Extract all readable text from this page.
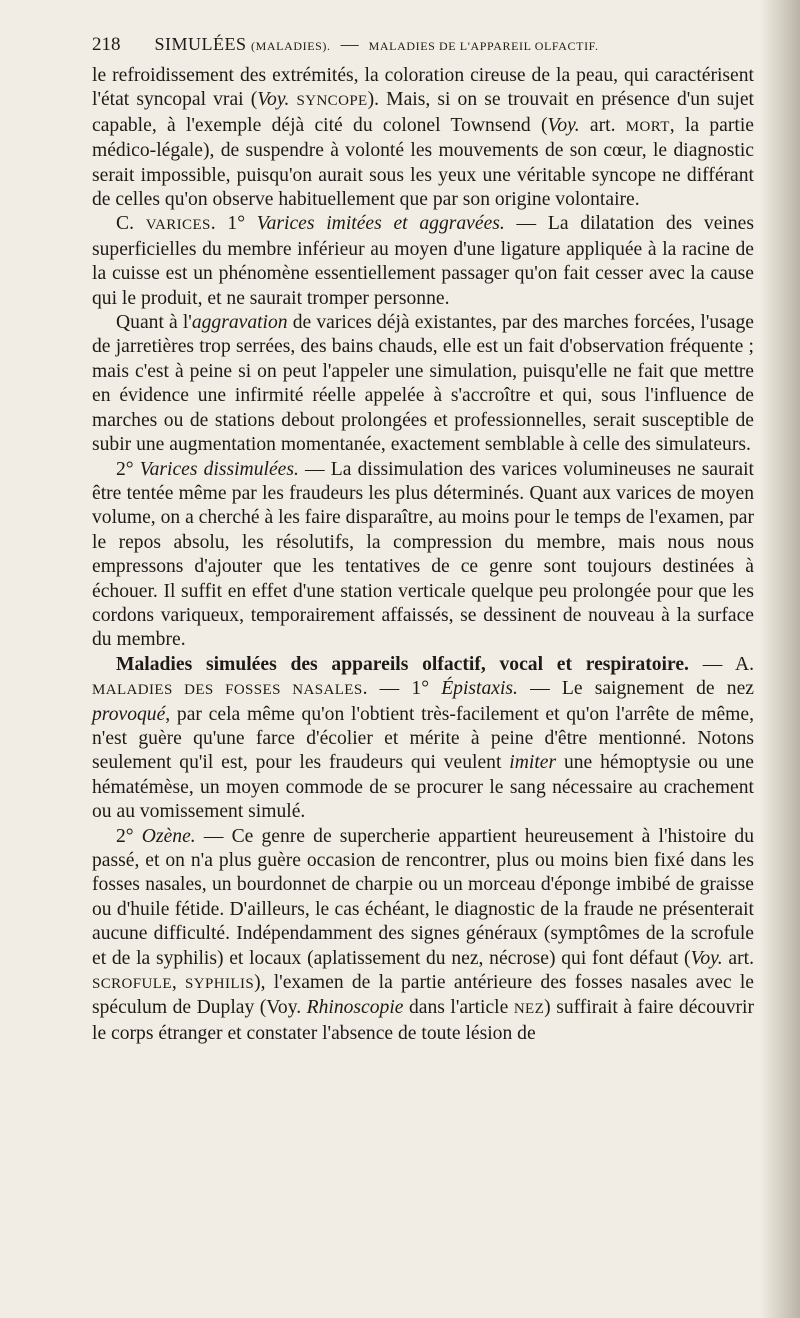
218 SIMULÉES
(MALADIES). — MALADIES DE L'APPAREIL OLFACTIF.

le refroidissement des extrémités, la coloration cireuse de la peau, qui caractérisent l'état syncopal vrai (Voy. SYNCOPE). Mais, si on se trouvait en présence d'un sujet capable, à l'exemple déjà cité du colonel Townsend (Voy. art. MORT, la partie médico-légale), de suspendre à volonté les mouvements de son cœur, le diagnostic serait impossible, puisqu'on aurait sous les yeux une véritable syncope ne différant de celles qu'on observe habituellement que par son origine volontaire.

C. VARICES. 1° Varices imitées et aggravées. — La dilatation des veines superficielles du membre inférieur au moyen d'une ligature appliquée à la racine de la cuisse est un phénomène essentiellement passager qu'on fait cesser avec la cause qui le produit, et ne saurait tromper personne.

Quant à l'aggravation de varices déjà existantes, par des marches forcées, l'usage de jarretières trop serrées, des bains chauds, elle est un fait d'observation fréquente ; mais c'est à peine si on peut l'appeler une simulation, puisqu'elle ne fait que mettre en évidence une infirmité réelle appelée à s'accroître et qui, sous l'influence de marches ou de stations debout prolongées et professionnelles, serait susceptible de subir une augmentation momentanée, exactement semblable à celle des simulateurs.

2° Varices dissimulées. — La dissimulation des varices volumineuses ne saurait être tentée même par les fraudeurs les plus déterminés. Quant aux varices de moyen volume, on a cherché à les faire disparaître, au moins pour le temps de l'examen, par le repos absolu, les résolutifs, la compression du membre, mais nous nous empressons d'ajouter que les tentatives de ce genre sont toujours destinées à échouer. Il suffit en effet d'une station verticale quelque peu prolongée pour que les cordons variqueux, temporairement affaissés, se dessinent de nouveau à la surface du membre.

Maladies simulées des appareils olfactif, vocal et respiratoire. — A. MALADIES DES FOSSES NASALES. — 1° Épistaxis. — Le saignement de nez provoqué, par cela même qu'on l'obtient très-facilement et qu'on l'arrête de même, n'est guère qu'une farce d'écolier et mérite à peine d'être mentionné. Notons seulement qu'il est, pour les fraudeurs qui veulent imiter une hémoptysie ou une hématémèse, un moyen commode de se procurer le sang nécessaire au crachement ou au vomissement simulé.

2° Ozène. — Ce genre de supercherie appartient heureusement à l'histoire du passé, et on n'a plus guère occasion de rencontrer, plus ou moins bien fixé dans les fosses nasales, un bourdonnet de charpie ou un morceau d'éponge imbibé de graisse ou d'huile fétide. D'ailleurs, le cas échéant, le diagnostic de la fraude ne présenterait aucune difficulté. Indépendamment des signes généraux (symptômes de la scrofule et de la syphilis) et locaux (aplatissement du nez, nécrose) qui font défaut (Voy. art. SCROFULE, SYPHILIS), l'examen de la partie antérieure des fosses nasales avec le spéculum de Duplay (Voy. Rhinoscopie dans l'article NEZ) suffirait à faire découvrir le corps étranger et constater l'absence de toute lésion de
